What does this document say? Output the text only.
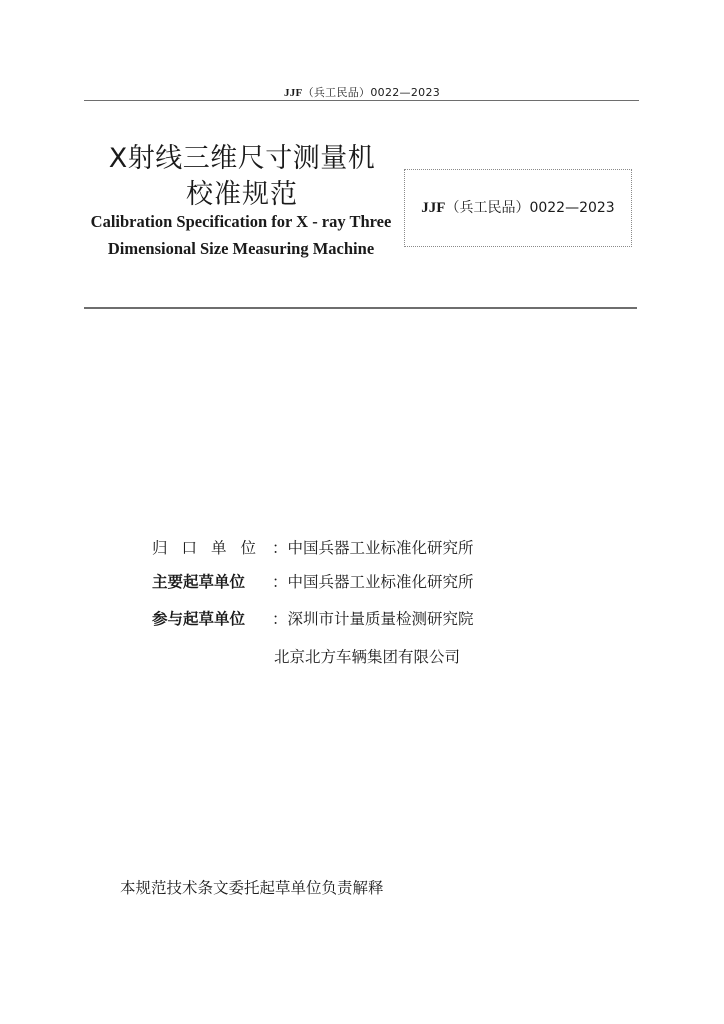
JJF（兵工民品）0022—2023
X射线三维尺寸测量机
校准规范
Calibration Specification for X - ray Three Dimensional Size Measuring Machine
JJF（兵工民品）0022—2023
归 口 单 位 ：中国兵器工业标准化研究所
主要起草单位 ：中国兵器工业标准化研究所
参与起草单位 ：深圳市计量质量检测研究院
北京北方车辆集团有限公司
本规范技术条文委托起草单位负责解释
